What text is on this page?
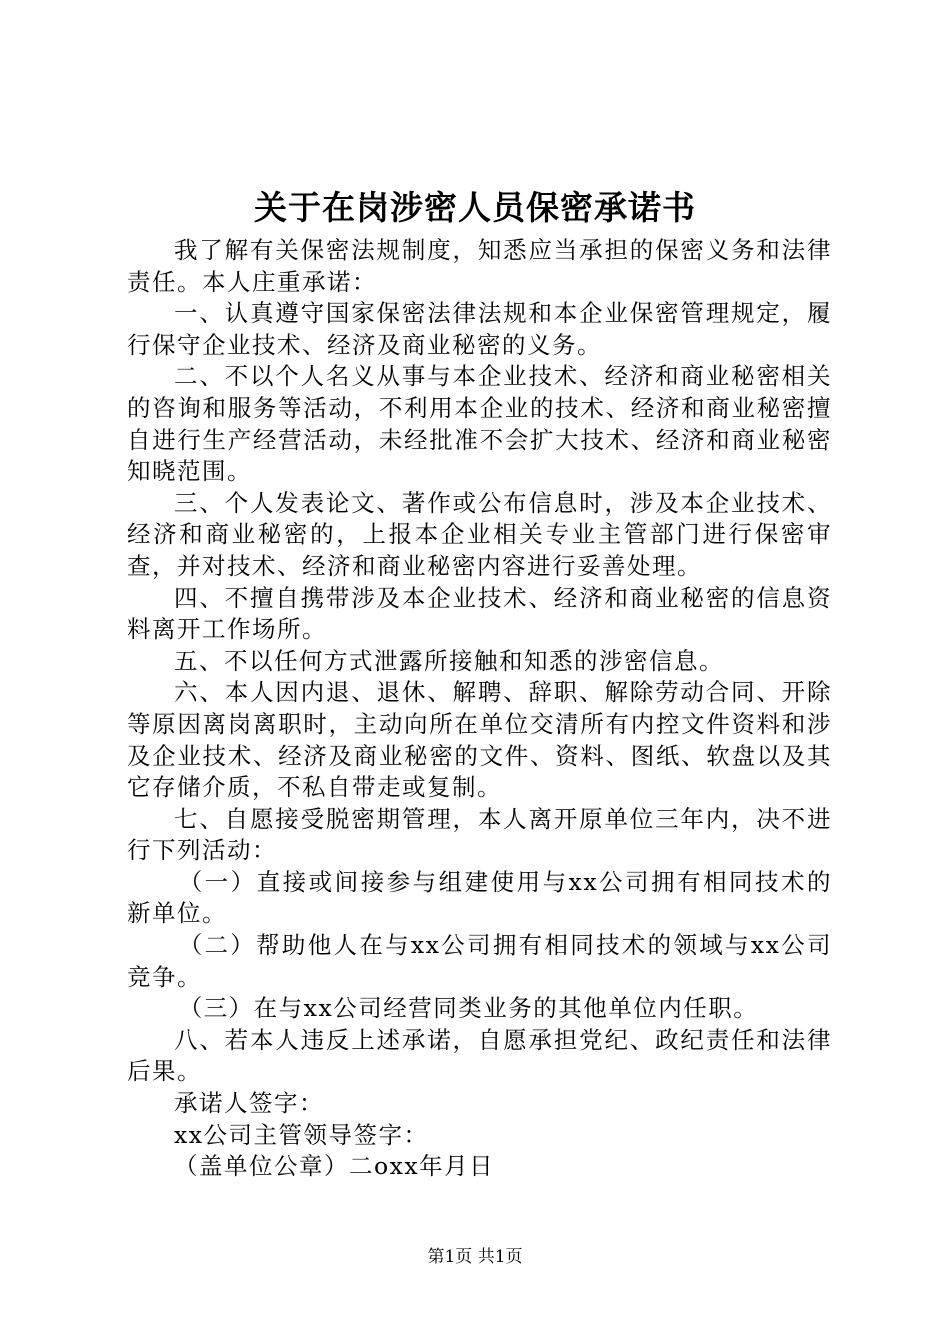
关于在岗涉密人员保密承诺书

我了解有关保密法规制度，知悉应当承担的保密义务和法律责任。本人庄重承诺：

一、认真遵守国家保密法律法规和本企业保密管理规定，履行保守企业技术、经济及商业秘密的义务。

二、不以个人名义从事与本企业技术、经济和商业秘密相关的咨询和服务等活动，不利用本企业的技术、经济和商业秘密擅自进行生产经营活动，未经批准不会扩大技术、经济和商业秘密知晓范围。

三、个人发表论文、著作或公布信息时，涉及本企业技术、经济和商业秘密的，上报本企业相关专业主管部门进行保密审查，并对技术、经济和商业秘密内容进行妥善处理。

四、不擅自携带涉及本企业技术、经济和商业秘密的信息资料离开工作场所。

五、不以任何方式泄露所接触和知悉的涉密信息。

六、本人因内退、退休、解聘、辞职、解除劳动合同、开除等原因离岗离职时，主动向所在单位交清所有内控文件资料和涉及企业技术、经济及商业秘密的文件、资料、图纸、软盘以及其它存储介质，不私自带走或复制。

七、自愿接受脱密期管理，本人离开原单位三年内，决不进行下列活动：

（一）直接或间接参与组建使用与xx公司拥有相同技术的新单位。

（二）帮助他人在与xx公司拥有相同技术的领域与xx公司竞争。

（三）在与xx公司经营同类业务的其他单位内任职。

八、若本人违反上述承诺，自愿承担党纪、政纪责任和法律后果。

承诺人签字：

xx公司主管领导签字：

（盖单位公章）二oxx年月日

第1页 共1页
